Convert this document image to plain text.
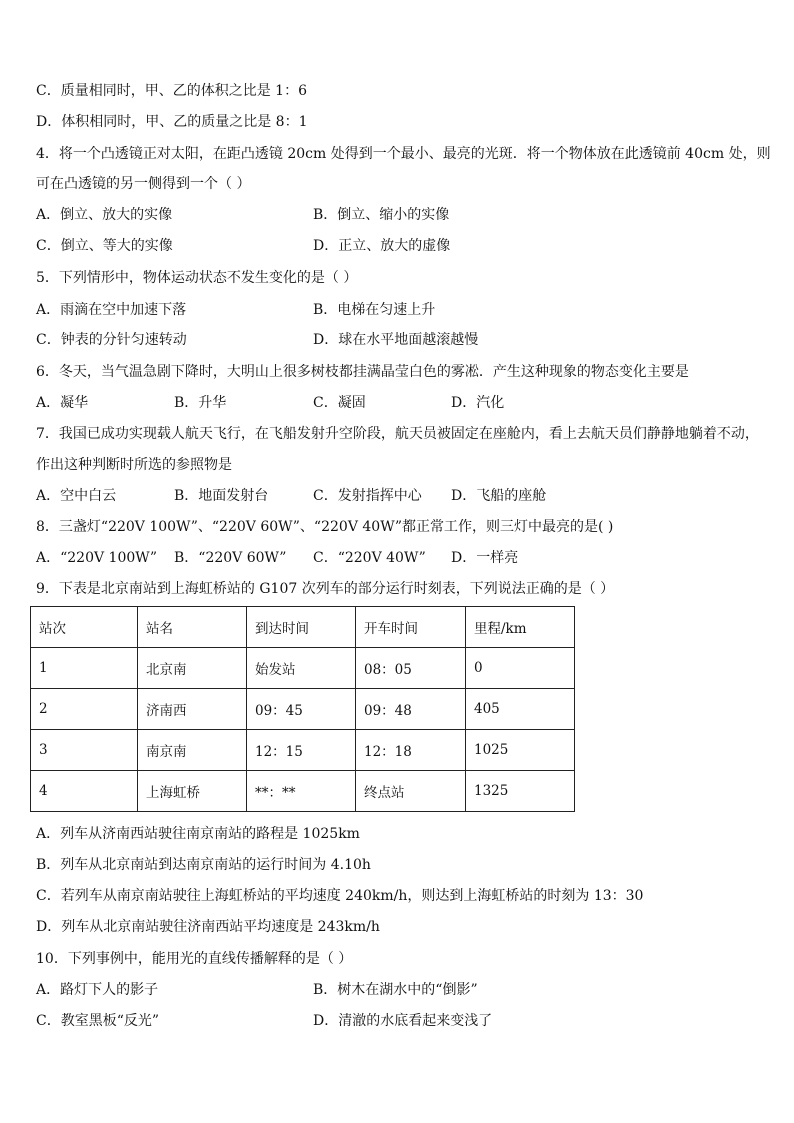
C．质量相同时，甲、乙的体积之比是 1：6
D．体积相同时，甲、乙的质量之比是 8：1
4．将一个凸透镜正对太阳，在距凸透镜 20cm 处得到一个最小、最亮的光斑．将一个物体放在此透镜前 40cm 处，则
可在凸透镜的另一侧得到一个（ ）
A．倒立、放大的实像	B．倒立、缩小的实像
C．倒立、等大的实像	D．正立、放大的虚像
5．下列情形中，物体运动状态不发生变化的是（ ）
A．雨滴在空中加速下落	B．电梯在匀速上升
C．钟表的分针匀速转动	D．球在水平地面越滚越慢
6．冬天，当气温急剧下降时，大明山上很多树枝都挂满晶莹白色的雾凇．产生这种现象的物态变化主要是
A．凝华	B．升华	C．凝固	D．汽化
7．我国已成功实现载人航天飞行，在飞船发射升空阶段，航天员被固定在座舱内，看上去航天员们静静地躺着不动，
作出这种判断时所选的参照物是
A．空中白云	B．地面发射台	C．发射指挥中心 D．飞船的座舱
8．三盏灯“220V 100W”、“220V 60W”、“220V 40W”都正常工作，则三灯中最亮的是( )
A．“220V 100W” B．“220V 60W” C．“220V 40W” D．一样亮
9．下表是北京南站到上海虹桥站的 G107 次列车的部分运行时刻表，下列说法正确的是（ ）
站次	站名	到达时间	开车时间	里程/km
1	北京南	始发站	08：05	0
2	济南西	09：45	09：48	405
3	南京南	12：15	12：18	1025
4	上海虹桥	**：**	终点站	1325
A．列车从济南西站驶往南京南站的路程是 1025km
B．列车从北京南站到达南京南站的运行时间为 4.10h
C．若列车从南京南站驶往上海虹桥站的平均速度 240km/h，则达到上海虹桥站的时刻为 13：30
D．列车从北京南站驶往济南西站平均速度是 243km/h
10．下列事例中，能用光的直线传播解释的是（ ）
A．路灯下人的影子	B．树木在湖水中的“倒影”
C．教室黑板“反光”	D．清澈的水底看起来变浅了
